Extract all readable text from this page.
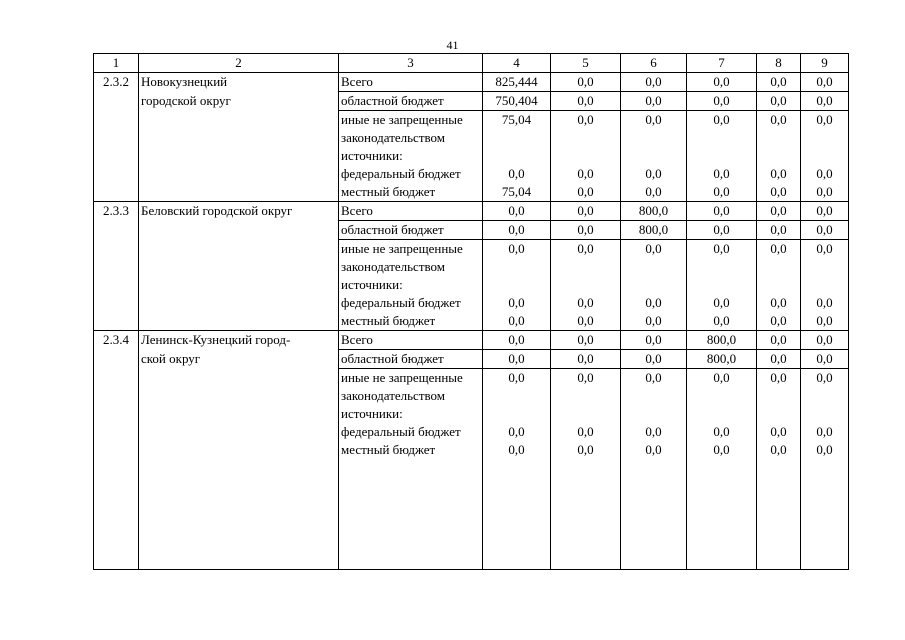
41
1	2	3	4	5	6	7	8	9
2.3.2	Новокузнецкий	Всего	825,444	0,0	0,0	0,0	0,0	0,0
	городской округ	областной бюджет	750,404	0,0	0,0	0,0	0,0	0,0
		иные не запрещенные	75,04	0,0	0,0	0,0	0,0	0,0
		законодательством						
		источники:						
		федеральный бюджет	0,0	0,0	0,0	0,0	0,0	0,0
		местный бюджет	75,04	0,0	0,0	0,0	0,0	0,0
2.3.3	Беловский городской округ	Всего	0,0	0,0	800,0	0,0	0,0	0,0
		областной бюджет	0,0	0,0	800,0	0,0	0,0	0,0
		иные не запрещенные	0,0	0,0	0,0	0,0	0,0	0,0
		законодательством						
		источники:						
		федеральный бюджет	0,0	0,0	0,0	0,0	0,0	0,0
		местный бюджет	0,0	0,0	0,0	0,0	0,0	0,0
2.3.4	Ленинск-Кузнецкий город-	Всего	0,0	0,0	0,0	800,0	0,0	0,0
	ской округ	областной бюджет	0,0	0,0	0,0	800,0	0,0	0,0
		иные не запрещенные	0,0	0,0	0,0	0,0	0,0	0,0
		законодательством						
		источники:						
		федеральный бюджет	0,0	0,0	0,0	0,0	0,0	0,0
		местный бюджет	0,0	0,0	0,0	0,0	0,0	0,0
